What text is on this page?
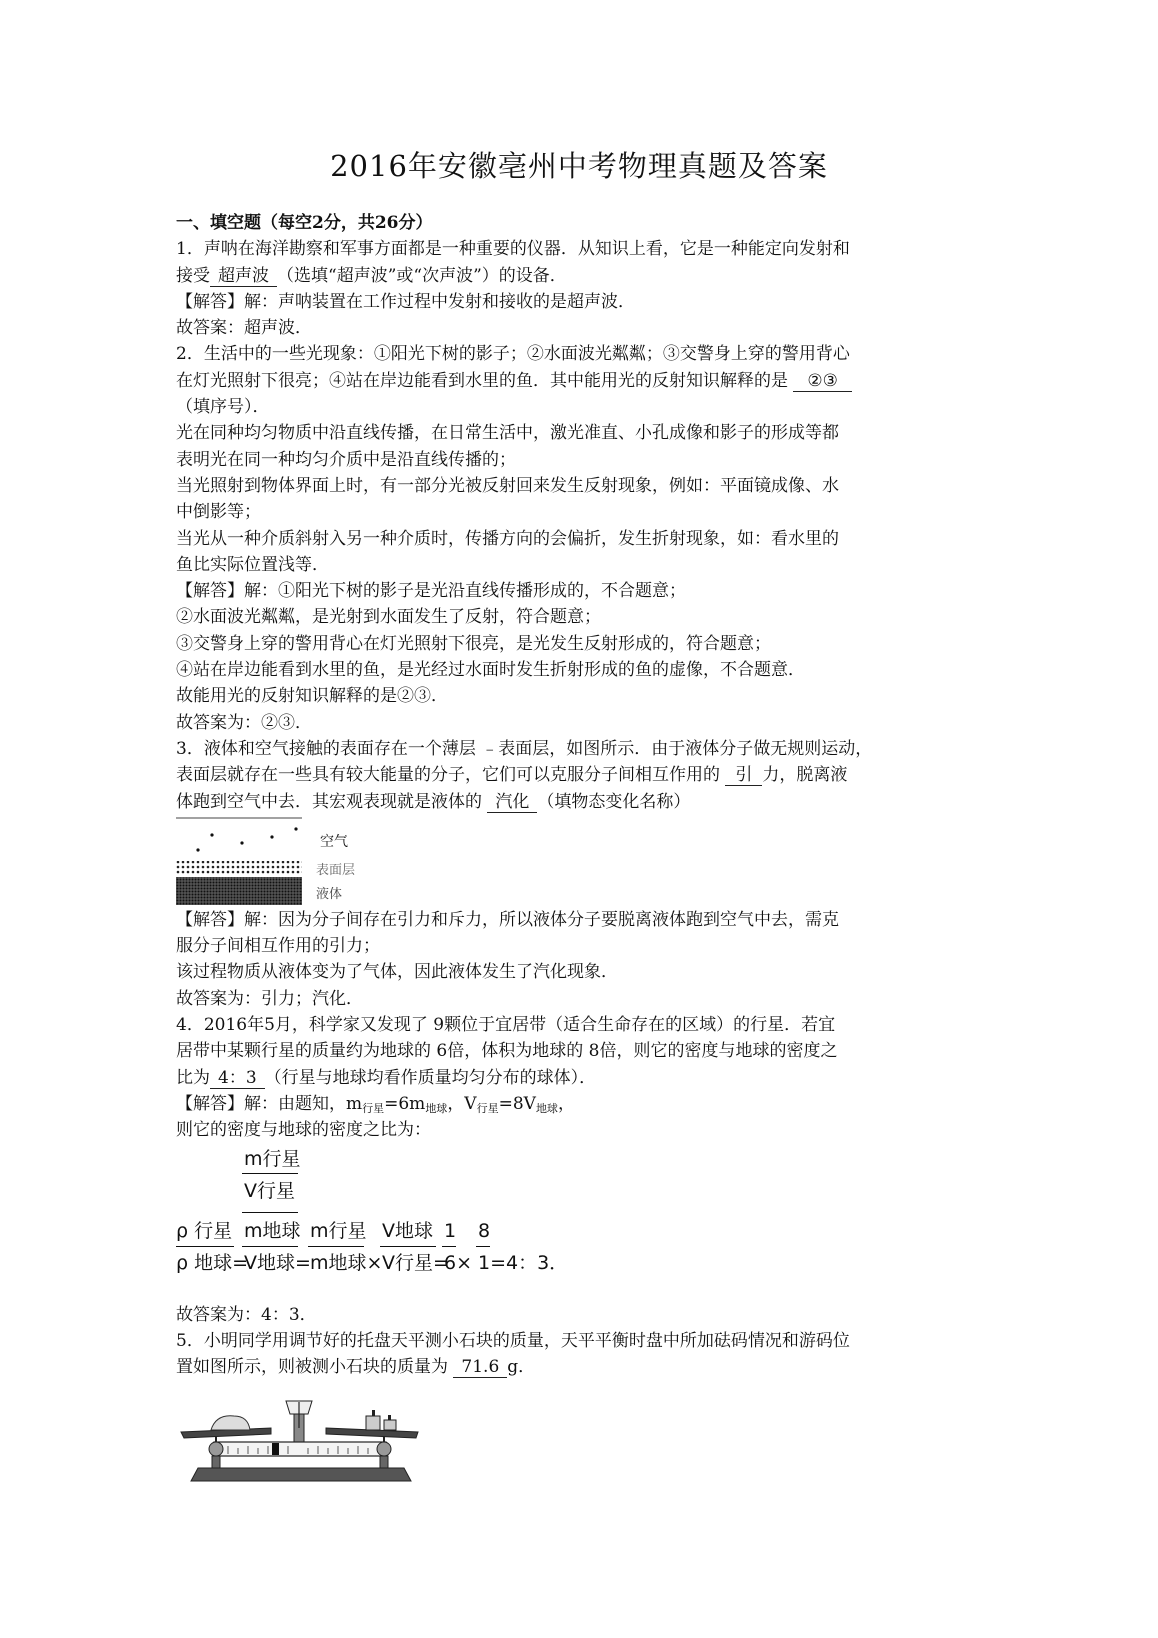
2016年安徽亳州中考物理真题及答案
一、填空题（每空2分，共26分）
1．声呐在海洋勘察和军事方面都是一种重要的仪器．从知识上看，它是一种能定向发射和
接受 超声波 （选填“超声波”或“次声波”）的设备．
【解答】解：声呐装置在工作过程中发射和接收的是超声波．
故答案：超声波．
2．生活中的一些光现象：①阳光下树的影子；②水面波光粼粼；③交警身上穿的警用背心
在灯光照射下很亮；④站在岸边能看到水里的鱼．其中能用光的反射知识解释的是 ②③
（填序号）．
光在同种均匀物质中沿直线传播，在日常生活中，激光准直、小孔成像和影子的形成等都
表明光在同一种均匀介质中是沿直线传播的；
当光照射到物体界面上时，有一部分光被反射回来发生反射现象，例如：平面镜成像、水
中倒影等；
当光从一种介质斜射入另一种介质时，传播方向的会偏折，发生折射现象，如：看水里的
鱼比实际位置浅等．
【解答】解：①阳光下树的影子是光沿直线传播形成的，不合题意；
②水面波光粼粼，是光射到水面发生了反射，符合题意；
③交警身上穿的警用背心在灯光照射下很亮，是光发生反射形成的，符合题意；
④站在岸边能看到水里的鱼，是光经过水面时发生折射形成的鱼的虚像，不合题意．
故能用光的反射知识解释的是②③．
故答案为：②③．
3．液体和空气接触的表面存在一个薄层 ﹣表面层，如图所示．由于液体分子做无规则运动，
表面层就存在一些具有较大能量的分子，它们可以克服分子间相互作用的 引 力，脱离液
体跑到空气中去．其宏观表现就是液体的 汽化 （填物态变化名称）
空气
表面层
液体
【解答】解：因为分子间存在引力和斥力，所以液体分子要脱离液体跑到空气中去，需克
服分子间相互作用的引力；
该过程物质从液体变为了气体，因此液体发生了汽化现象．
故答案为：引力；汽化．
4．2016年5月，科学家又发现了 9颗位于宜居带（适合生命存在的区域）的行星．若宜
居带中某颗行星的质量约为地球的 6倍，体积为地球的 8倍，则它的密度与地球的密度之
比为 4：3 （行星与地球均看作质量均匀分布的球体）．
【解答】解：由题知，$m_{行星}=6m_{地球}$，$V_{行星}=8V_{地球}$，
则它的密度与地球的密度之比为：
m行星
V行星
ρ 行星
ρ 地球=
m地球
V地球=
m行星
m地球×
V地球
V行星=
1
6×
8
1=4：3．
故答案为：4：3．
5．小明同学用调节好的托盘天平测小石块的质量，天平平衡时盘中所加砝码情况和游码位
置如图所示，则被测小石块的质量为 71.6 g．
